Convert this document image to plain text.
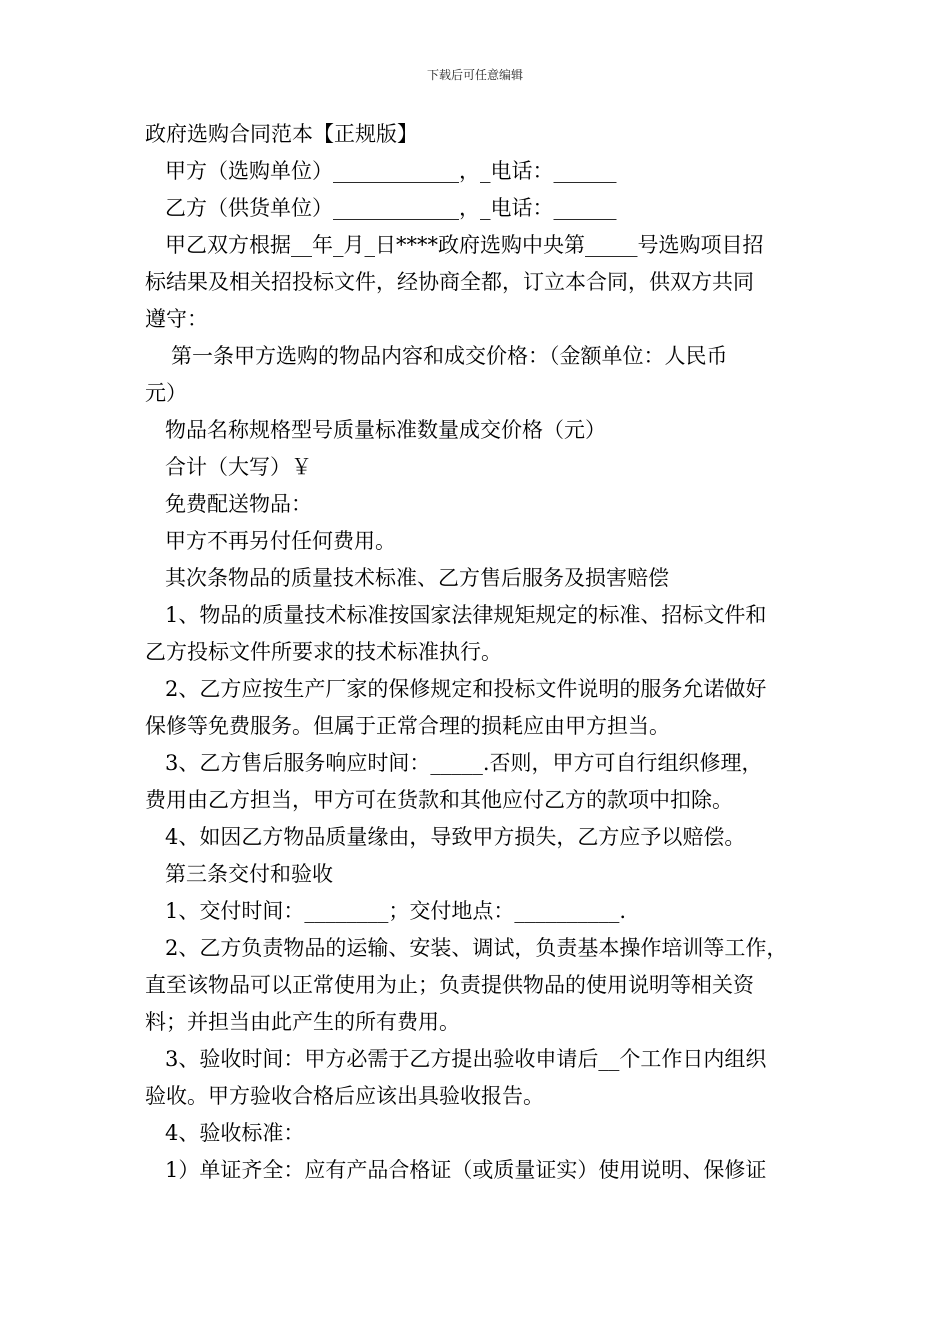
下载后可任意编辑
政府选购合同范本【正规版】
甲方（选购单位）____________，_电话：______
乙方（供货单位）____________，_电话：______
甲乙双方根据__年_月_日****政府选购中央第_____号选购项目招
标结果及相关招投标文件，经协商全都，订立本合同，供双方共同
遵守：
第一条甲方选购的物品内容和成交价格：（金额单位：人民币
元）
物品名称规格型号质量标准数量成交价格（元）
合计（大写）￥
免费配送物品：
甲方不再另付任何费用。
其次条物品的质量技术标准、乙方售后服务及损害赔偿
1、物品的质量技术标准按国家法律规矩规定的标准、招标文件和
乙方投标文件所要求的技术标准执行。
2、乙方应按生产厂家的保修规定和投标文件说明的服务允诺做好
保修等免费服务。但属于正常合理的损耗应由甲方担当。
3、乙方售后服务响应时间：_____.否则，甲方可自行组织修理，
费用由乙方担当，甲方可在货款和其他应付乙方的款项中扣除。
4、如因乙方物品质量缘由，导致甲方损失，乙方应予以赔偿。
第三条交付和验收
1、交付时间：________；交付地点：__________.
2、乙方负责物品的运输、安装、调试，负责基本操作培训等工作，
直至该物品可以正常使用为止；负责提供物品的使用说明等相关资
料；并担当由此产生的所有费用。
3、验收时间：甲方必需于乙方提出验收申请后__个工作日内组织
验收。甲方验收合格后应该出具验收报告。
4、验收标准：
1）单证齐全：应有产品合格证（或质量证实）使用说明、保修证
